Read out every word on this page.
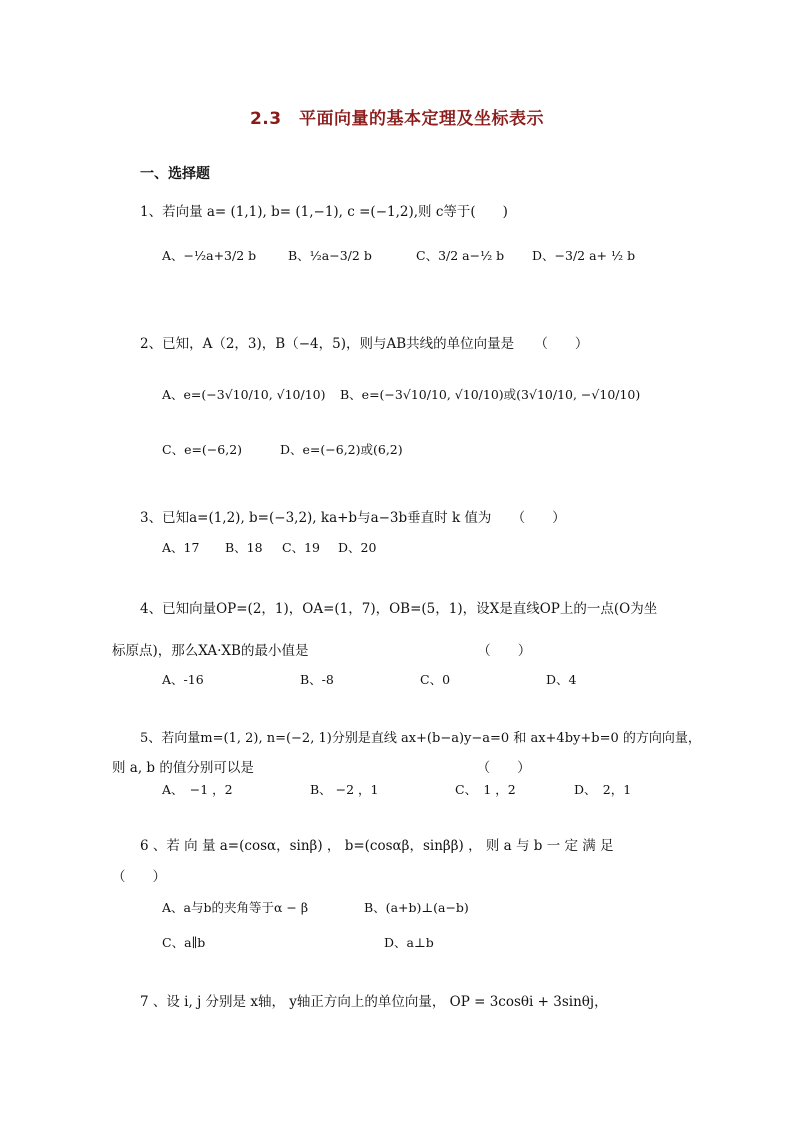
2.3　平面向量的基本定理及坐标表示
一、选择题
1、若向量 a= (1,1), b= (1,−1), c =(−1,2),则 c等于(　　)
A、−½a+3/2 b	B、½a−3/2 b	C、3/2 a−½ b D、−3/2 a+ ½ b
2、已知，A（2，3)，B（−4，5)，则与AB共线的单位向量是　　（　　）
A、e=(−3√10/10, √10/10) B、e=(−3√10/10, √10/10)或(3√10/10, −√10/10)
C、e=(−6,2)	D、e=(−6,2)或(6,2)
3、已知a=(1,2), b=(−3,2), ka+b与a−3b垂直时 k 值为　　（　　）
A、17 B、18 C、19 D、20
4、已知向量OP=(2，1)，OA=(1，7)，OB=(5，1)，设X是直线OP上的一点(O为坐
标原点)，那么XA·XB的最小值是　　　　　　　　　　　　　（　　）
A、-16	B、-8	C、0	D、4
5、若向量m=(1, 2), n=(−2, 1)分别是直线 ax+(b−a)y−a=0 和 ax+4by+b=0 的方向向量，
则 a, b 的值分别可以是　　　　　　　　　　　　　　　　　（　　）
A、　−1 ，2	B、 −2 ，1	C、　1 ，2	D、　2，1
6 、若 向 量 a=(cosα，sinβ) ， b=(cosαβ，sinββ) ， 则 a 与 b 一 定 满 足
（　　）
A、a与b的夹角等于α − β	B、(a+b)⊥(a−b)
C、a∥b	D、a⊥b
7 、设 i, j 分别是 x轴， y轴正方向上的单位向量， OP = 3cosθi + 3sinθj，
